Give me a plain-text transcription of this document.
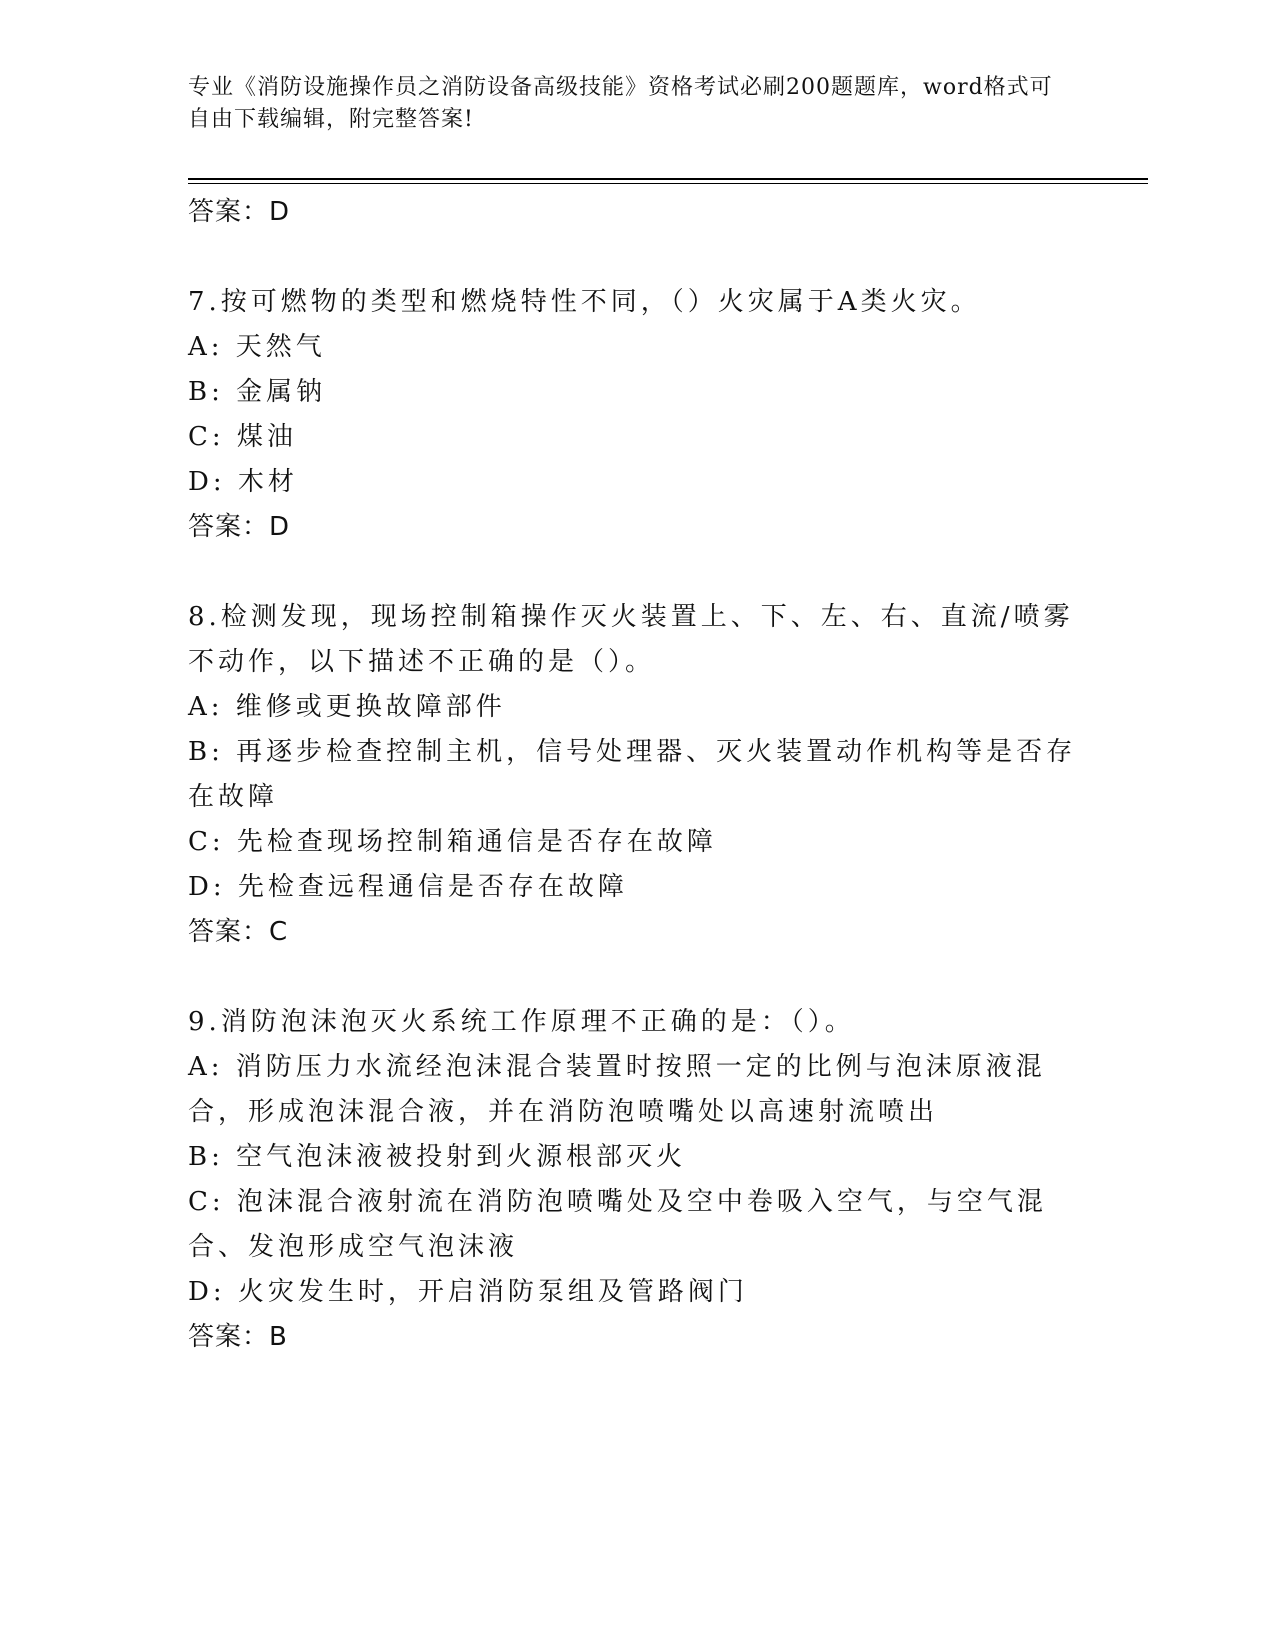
专业《消防设施操作员之消防设备高级技能》资格考试必刷200题题库，word格式可自由下载编辑，附完整答案!
答案：D
7.按可燃物的类型和燃烧特性不同，（）火灾属于A类火灾。
A: 天然气
B: 金属钠
C: 煤油
D: 木材
答案：D
8.检测发现，现场控制箱操作灭火装置上、下、左、右、直流/喷雾不动作，以下描述不正确的是（）。
A: 维修或更换故障部件
B: 再逐步检查控制主机，信号处理器、灭火装置动作机构等是否存在故障
C: 先检查现场控制箱通信是否存在故障
D: 先检查远程通信是否存在故障
答案：C
9.消防泡沫泡灭火系统工作原理不正确的是：（）。
A: 消防压力水流经泡沫混合装置时按照一定的比例与泡沫原液混合，形成泡沫混合液，并在消防泡喷嘴处以高速射流喷出
B: 空气泡沫液被投射到火源根部灭火
C: 泡沫混合液射流在消防泡喷嘴处及空中卷吸入空气，与空气混合、发泡形成空气泡沫液
D: 火灾发生时，开启消防泵组及管路阀门
答案：B
